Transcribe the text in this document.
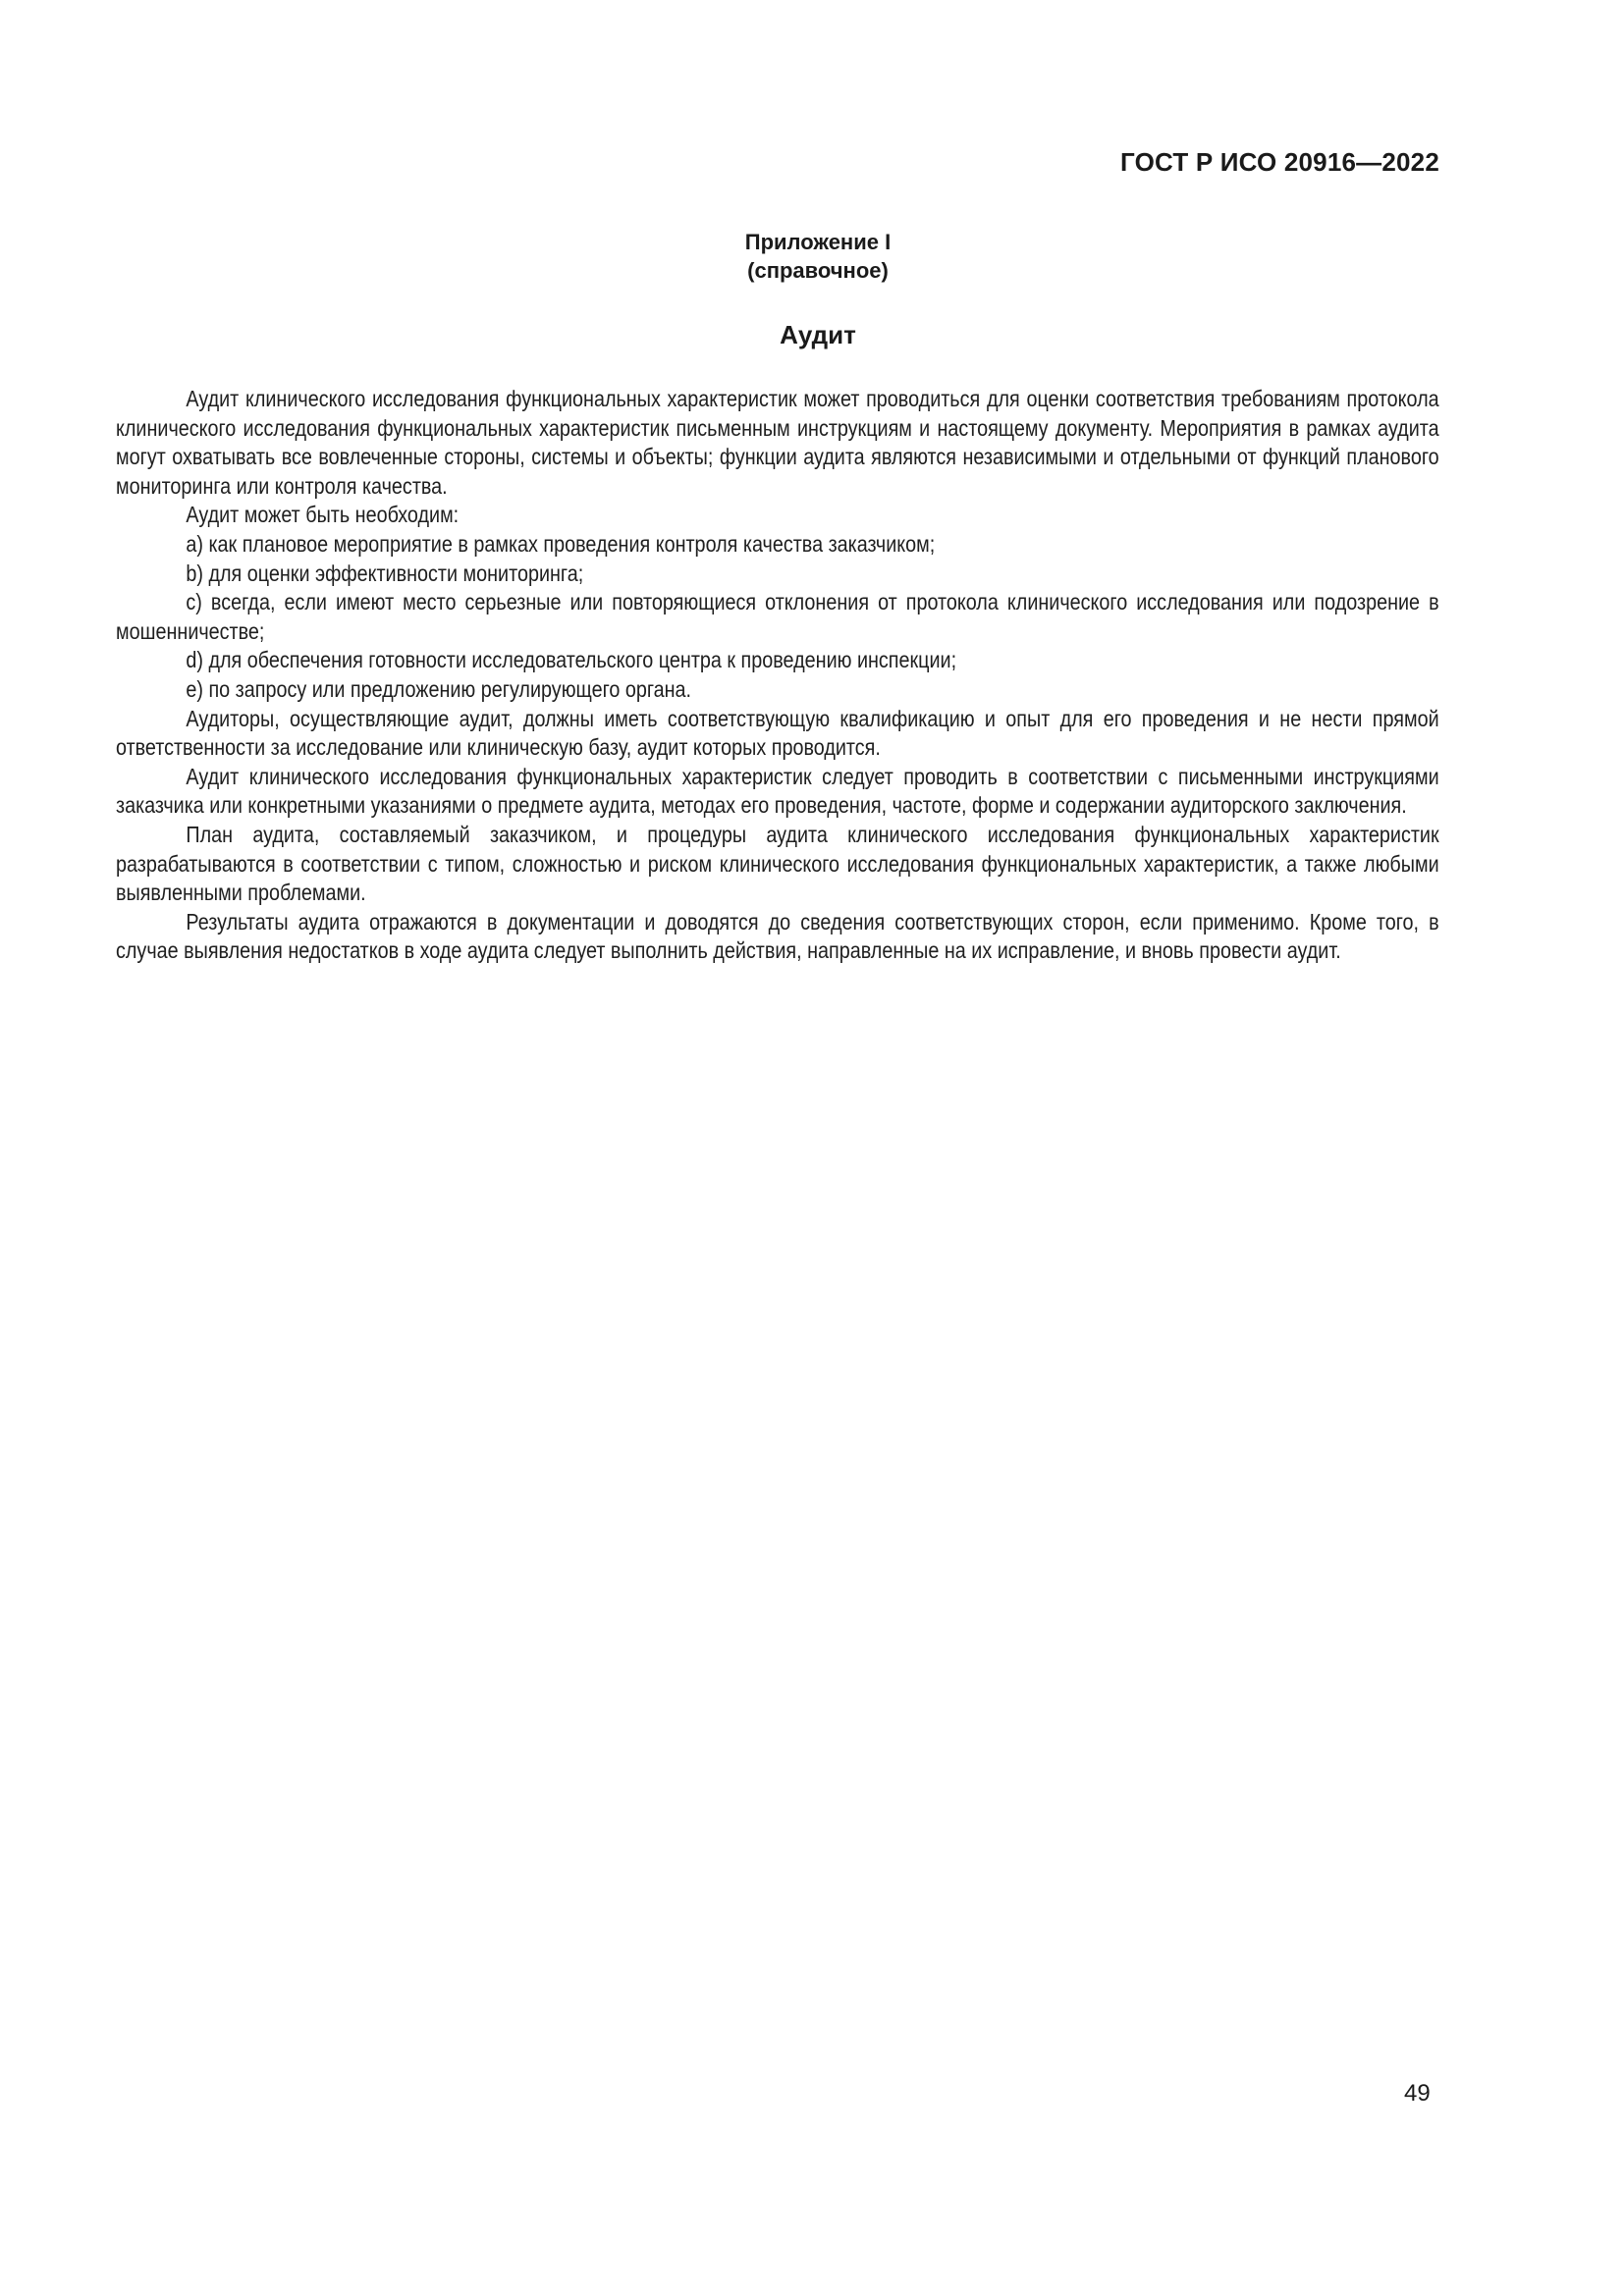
ГОСТ Р ИСО 20916—2022
Приложение I
(справочное)
Аудит

Аудит клинического исследования функциональных характеристик может проводиться для оценки соответствия требованиям протокола клинического исследования функциональных характеристик письменным инструкциям и настоящему документу. Мероприятия в рамках аудита могут охватывать все вовлеченные стороны, системы и объекты; функции аудита являются независимыми и отдельными от функций планового мониторинга или контроля качества.

Аудит может быть необходим:

a) как плановое мероприятие в рамках проведения контроля качества заказчиком;

b) для оценки эффективности мониторинга;

c) всегда, если имеют место серьезные или повторяющиеся отклонения от протокола клинического исследования или подозрение в мошенничестве;

d) для обеспечения готовности исследовательского центра к проведению инспекции;

e) по запросу или предложению регулирующего органа.

Аудиторы, осуществляющие аудит, должны иметь соответствующую квалификацию и опыт для его проведения и не нести прямой ответственности за исследование или клиническую базу, аудит которых проводится.

Аудит клинического исследования функциональных характеристик следует проводить в соответствии с письменными инструкциями заказчика или конкретными указаниями о предмете аудита, методах его проведения, частоте, форме и содержании аудиторского заключения.

План аудита, составляемый заказчиком, и процедуры аудита клинического исследования функциональных характеристик разрабатываются в соответствии с типом, сложностью и риском клинического исследования функциональных характеристик, а также любыми выявленными проблемами.

Результаты аудита отражаются в документации и доводятся до сведения соответствующих сторон, если применимо. Кроме того, в случае выявления недостатков в ходе аудита следует выполнить действия, направленные на их исправление, и вновь провести аудит.

49
